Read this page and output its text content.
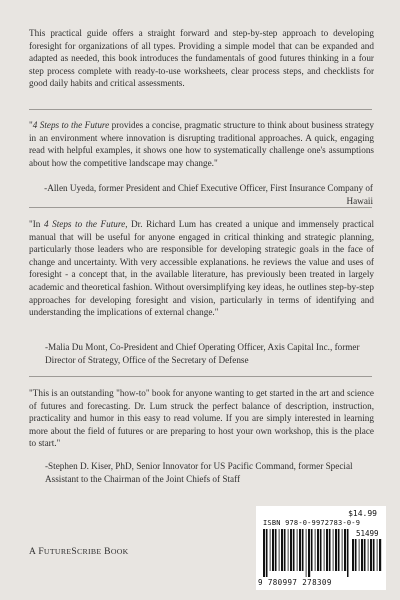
This practical guide offers a straight forward and step-by-step approach to developing foresight for organizations of all types. Providing a simple model that can be expanded and adapted as needed, this book introduces the fundamentals of good futures thinking in a four step process complete with ready-to-use worksheets, clear process steps, and checklists for good daily habits and critical assessments.
"4 Steps to the Future provides a concise, pragmatic structure to think about business strategy in an environment where innovation is disrupting traditional approaches. A quick, engaging read with helpful examples, it shows one how to systematically challenge one's assumptions about how the competitive landscape may change."
-Allen Uyeda, former President and Chief Executive Officer, First Insurance Company of Hawaii
"In 4 Steps to the Future, Dr. Richard Lum has created a unique and immensely practical manual that will be useful for anyone engaged in critical thinking and strategic planning, particularly those leaders who are responsible for developing strategic goals in the face of change and uncertainty. With very accessible explanations. he reviews the value and uses of foresight - a concept that, in the available literature, has previously been treated in largely academic and theoretical fashion. Without oversimplifying key ideas, he outlines step-by-step approaches for developing foresight and vision, particularly in terms of identifying and understanding the implications of external change."
-Malia Du Mont, Co-President and Chief Operating Officer, Axis Capital Inc., former Director of Strategy, Office of the Secretary of Defense
"This is an outstanding "how-to" book for anyone wanting to get started in the art and science of futures and forecasting. Dr. Lum struck the perfect balance of description, instruction, practicality and humor in this easy to read volume. If you are simply interested in learning more about the field of futures or are preparing to host your own workshop, this is the place to start."
-Stephen D. Kiser, PhD, Senior Innovator for US Pacific Command, former Special Assistant to the Chairman of the Joint Chiefs of Staff
A FUTURESCRIBE BOOK
$14.99
ISBN 978-0-9972783-0-9
51499
9 780997 278309
